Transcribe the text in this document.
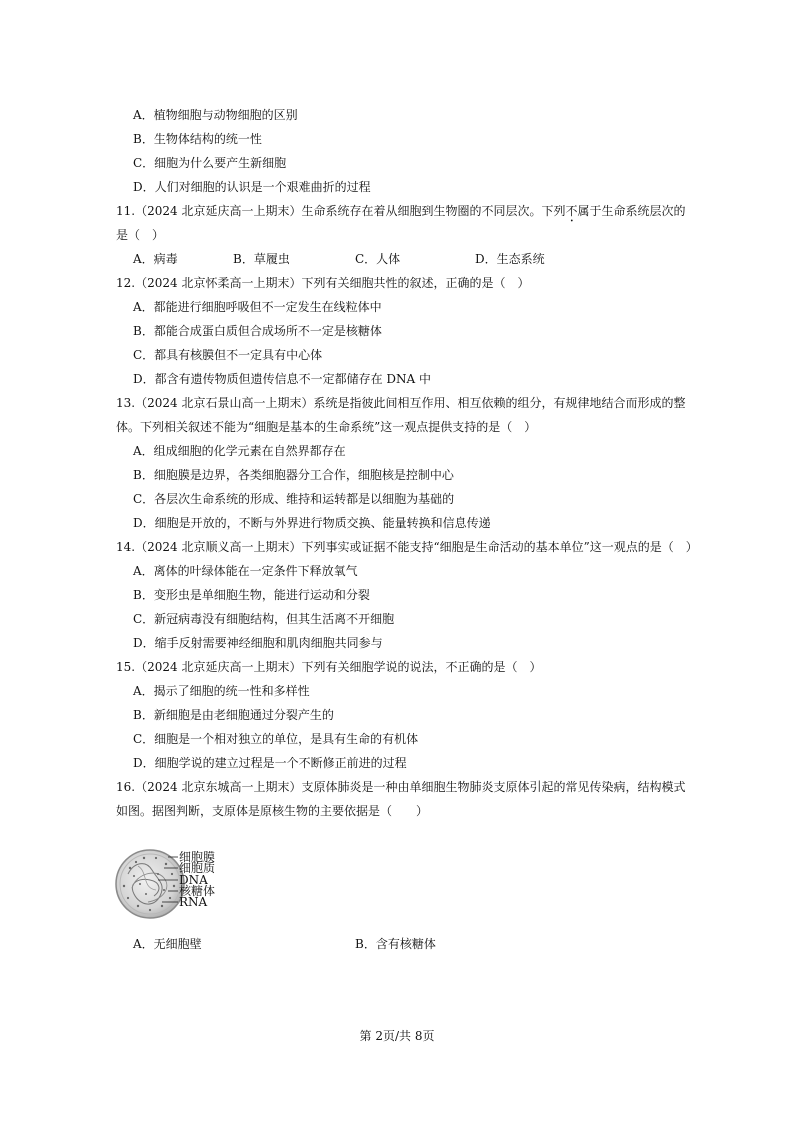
A．植物细胞与动物细胞的区别
B．生物体结构的统一性
C．细胞为什么要产生新细胞
D．人们对细胞的认识是一个艰难曲折的过程
11.（2024 北京延庆高一上期末）生命系统存在着从细胞到生物圈的不同层次。下列不属于生命系统层次的
是（　）
A．病毒	B．草履虫	C．人体	D．生态系统
12.（2024 北京怀柔高一上期末）下列有关细胞共性的叙述，正确的是（　）
A．都能进行细胞呼吸但不一定发生在线粒体中
B．都能合成蛋白质但合成场所不一定是核糖体
C．都具有核膜但不一定具有中心体
D．都含有遗传物质但遗传信息不一定都储存在 DNA 中
13.（2024 北京石景山高一上期末）系统是指彼此间相互作用、相互依赖的组分，有规律地结合而形成的整
体。下列相关叙述不能为“细胞是基本的生命系统”这一观点提供支持的是（　）
A．组成细胞的化学元素在自然界都存在
B．细胞膜是边界，各类细胞器分工合作，细胞核是控制中心
C．各层次生命系统的形成、维持和运转都是以细胞为基础的
D．细胞是开放的，不断与外界进行物质交换、能量转换和信息传递
14.（2024 北京顺义高一上期末）下列事实或证据不能支持“细胞是生命活动的基本单位”这一观点的是（　）
A．离体的叶绿体能在一定条件下释放氧气
B．变形虫是单细胞生物，能进行运动和分裂
C．新冠病毒没有细胞结构，但其生活离不开细胞
D．缩手反射需要神经细胞和肌肉细胞共同参与
15.（2024 北京延庆高一上期末）下列有关细胞学说的说法，不正确的是（　）
A．揭示了细胞的统一性和多样性
B．新细胞是由老细胞通过分裂产生的
C．细胞是一个相对独立的单位，是具有生命的有机体
D．细胞学说的建立过程是一个不断修正前进的过程
16.（2024 北京东城高一上期末）支原体肺炎是一种由单细胞生物肺炎支原体引起的常见传染病，结构模式
如图。据图判断，支原体是原核生物的主要依据是（　　）
细胞膜
细胞质
DNA
核糖体
RNA
A．无细胞壁	B．含有核糖体
第 2页/共 8页
